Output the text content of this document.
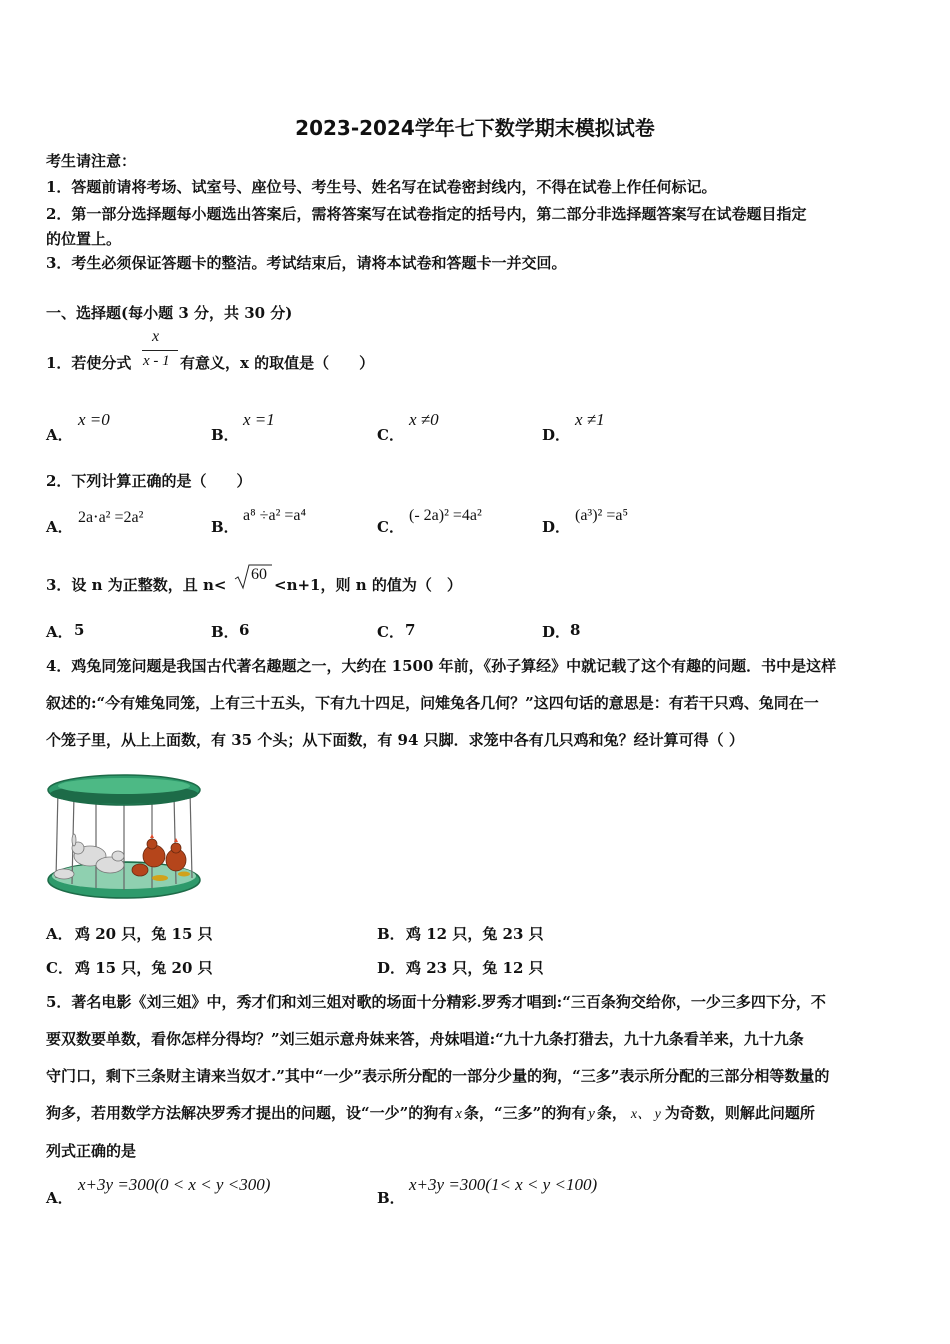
2023-2024学年七下数学期末模拟试卷
考生请注意：
1．答题前请将考场、试室号、座位号、考生号、姓名写在试卷密封线内，不得在试卷上作任何标记。
2．第一部分选择题每小题选出答案后，需将答案写在试卷指定的括号内，第二部分非选择题答案写在试卷题目指定
的位置上。
3．考生必须保证答题卡的整洁。考试结束后，请将本试卷和答题卡一并交回。
一、选择题(每小题 3 分，共 30 分)
1．若使分式
x
x - 1 有意义，x 的取值是（　　）
A．
x =0
B．
x =1
C．
x ≠0
D．
x ≠1
2．下列计算正确的是（　　）
A．
2a⋅a² =2a²
B．
a⁸ ÷a² =a⁴
C．
(- 2a)² =4a²
D．
(a³)² =a⁵
3．设 n 为正整数，且 n<
60
<n+1，则 n 的值为（　）
A． 5	B． 6	C． 7	D． 8
4．鸡兔同笼问题是我国古代著名趣题之一，大约在 1500 年前，《孙子算经》中就记载了这个有趣的问题．书中是这样
叙述的:“今有雉兔同笼，上有三十五头，下有九十四足，问雉兔各几何？”这四句话的意思是：有若干只鸡、兔同在一
个笼子里，从上上面数，有 35 个头；从下面数，有 94 只脚．求笼中各有几只鸡和兔？经计算可得（ ）
A． 鸡 20 只，兔 15 只	B． 鸡 12 只，兔 23 只
C． 鸡 15 只，兔 20 只	D． 鸡 23 只，兔 12 只
5．著名电影《刘三姐》中，秀才们和刘三姐对歌的场面十分精彩.罗秀才唱到:“三百条狗交给你，一少三多四下分，不
要双数要单数，看你怎样分得均？”刘三姐示意舟妹来答，舟妹唱道:“九十九条打猎去，九十九条看羊来，九十九条
守门口，剩下三条财主请来当奴才.”其中“一少”表示所分配的一部分少量的狗，“三多”表示所分配的三部分相等数量的
狗多，若用数学方法解决罗秀才提出的问题，设“一少”的狗有 x 条，“三多”的狗有 y 条， x、 y 为奇数，则解此问题所
列式正确的是
A．
x+3y =300(0 < x < y <300)
B．
x+3y =300(1< x < y <100)
